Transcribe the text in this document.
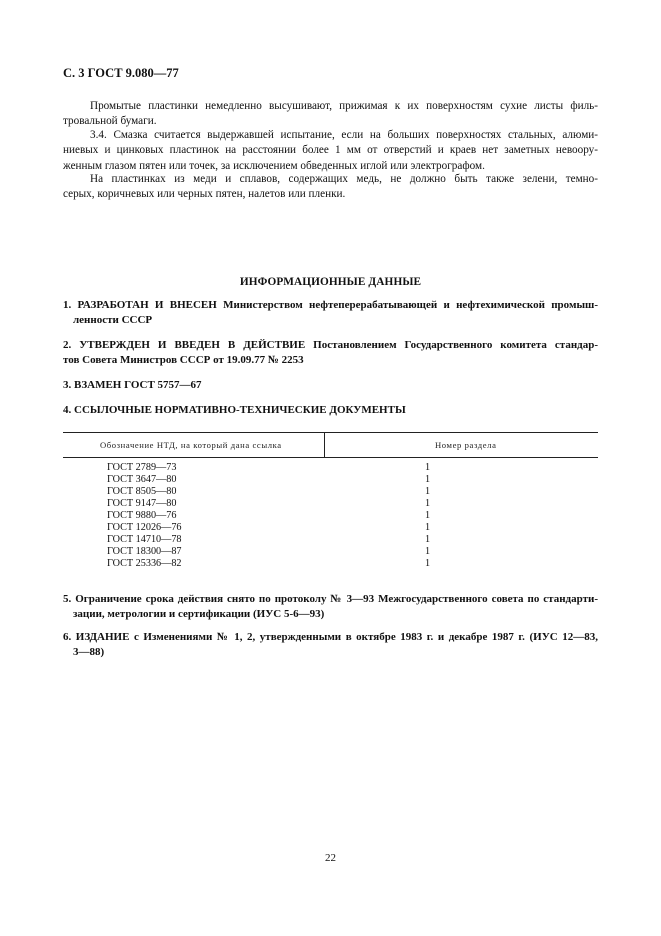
С. 3 ГОСТ 9.080—77
Промытые пластинки немедленно высушивают, прижимая к их поверхностям сухие листы филь-
тровальной бумаги.
3.4. Смазка считается выдержавшей испытание, если на больших поверхностях стальных, алюми-
ниевых и цинковых пластинок на расстоянии более 1 мм от отверстий и краев нет заметных невоору-
женным глазом пятен или точек, за исключением обведенных иглой или электрографом.
На пластинках из меди и сплавов, содержащих медь, не должно быть также зелени, темно-
серых, коричневых или черных пятен, налетов или пленки.
ИНФОРМАЦИОННЫЕ ДАННЫЕ
1. РАЗРАБОТАН И ВНЕСЕН Министерством нефтеперерабатывающей и нефтехимической промыш-
ленности СССР
2. УТВЕРЖДЕН И ВВЕДЕН В ДЕЙСТВИЕ Постановлением Государственного комитета стандар-
тов Совета Министров СССР от 19.09.77 № 2253
3. ВЗАМЕН ГОСТ 5757—67
4. ССЫЛОЧНЫЕ НОРМАТИВНО-ТЕХНИЧЕСКИЕ ДОКУМЕНТЫ
Обозначение НТД, на который дана ссылка	Номер раздела
ГОСТ 2789—73	1
ГОСТ 3647—80	1
ГОСТ 8505—80	1
ГОСТ 9147—80	1
ГОСТ 9880—76	1
ГОСТ 12026—76	1
ГОСТ 14710—78	1
ГОСТ 18300—87	1
ГОСТ 25336—82	1
5. Ограничение срока действия снято по протоколу № 3—93 Межгосударственного совета по стандарти-
зации, метрологии и сертификации (ИУС 5-6—93)
6. ИЗДАНИЕ с Изменениями № 1, 2, утвержденными в октябре 1983 г. и декабре 1987 г. (ИУС 12—83,
3—88)
22
